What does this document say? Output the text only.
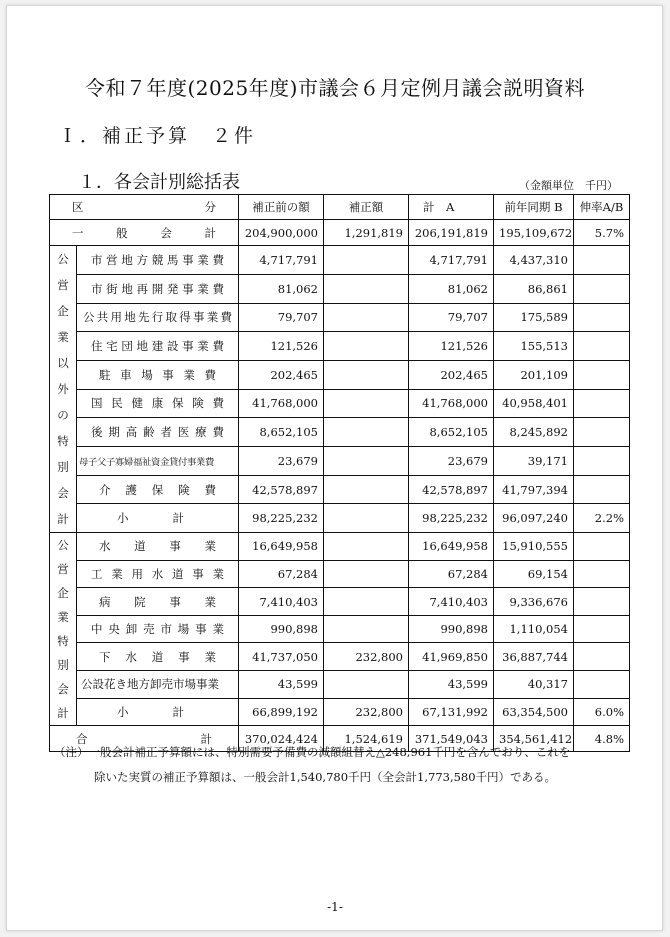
令和７年度(2025年度)市議会６月定例月議会説明資料
Ｉ．補正予算　２件
１．各会計別総括表	（金額単位　千円）
区　　　　　分		補正前の額	補正額	計　A	前年同期 B	伸率A/B
一般会計		204,900,000	1,291,819	206,191,819	195,109,672	5.7%
公営企業以外の特別会計	市営地方競馬事業費	4,717,791		4,717,791	4,437,310	
	市街地再開発事業費	81,062		81,062	86,861	
	公共用地先行取得事業費	79,707		79,707	175,589	
	住宅団地建設事業費	121,526		121,526	155,513	
	駐車場事業費	202,465		202,465	201,109	
	国民健康保険費	41,768,000		41,768,000	40,958,401	
	後期高齢者医療費	8,652,105		8,652,105	8,245,892	
	母子父子寡婦福祉資金貸付事業費	23,679		23,679	39,171	
	介護保険費	42,578,897		42,578,897	41,797,394	
	小計	98,225,232		98,225,232	96,097,240	2.2%
公営企業特別会計	水道事業	16,649,958		16,649,958	15,910,555	
	工業用水道事業	67,284		67,284	69,154	
	病院事業	7,410,403		7,410,403	9,336,676	
	中央卸売市場事業	990,898		990,898	1,110,054	
	下水道事業	41,737,050	232,800	41,969,850	36,887,744	
	公設花き地方卸売市場事業	43,599		43,599	40,317	
	小計	66,899,192	232,800	67,131,992	63,354,500	6.0%
合計		370,024,424	1,524,619	371,549,043	354,561,412	4.8%
（注）一般会計補正予算額には、特別需要予備費の減額組替え△248,961千円を含んでおり、これを
除いた実質の補正予算額は、一般会計1,540,780千円（全会計1,773,580千円）である。
-1-
